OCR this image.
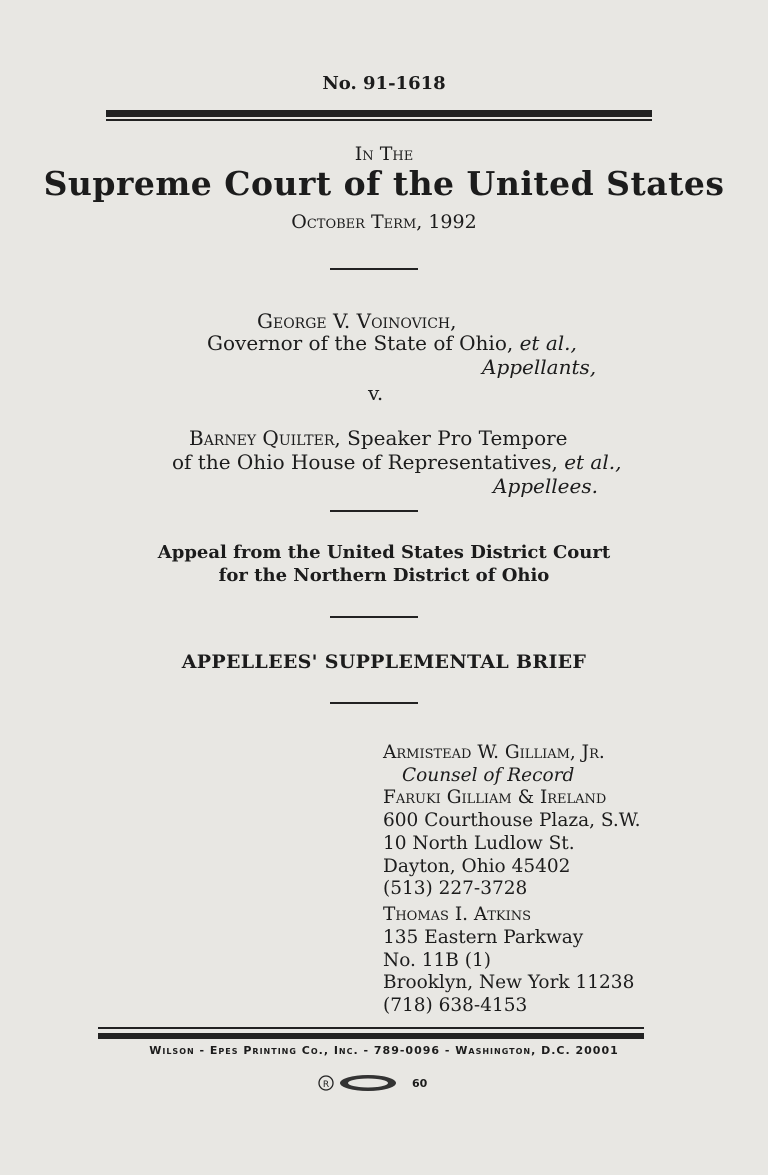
No. 91-1618
In The
Supreme Court of the United States
October Term, 1992
George V. Voinovich,
Governor of the State of Ohio, et al.,
Appellants,
v.
Barney Quilter, Speaker Pro Tempore
of the Ohio House of Representatives, et al.,
Appellees.
Appeal from the United States District Court
for the Northern District of Ohio
APPELLEES' SUPPLEMENTAL BRIEF
Armistead W. Gilliam, Jr.
Counsel of Record
Faruki Gilliam & Ireland
600 Courthouse Plaza, S.W.
10 North Ludlow St.
Dayton, Ohio 45402
(513) 227-3728
Thomas I. Atkins
135 Eastern Parkway
No. 11B (1)
Brooklyn, New York 11238
(718) 638-4153
Wilson - Epes Printing Co., Inc. - 789-0096 - Washington, D.C. 20001
R	60
